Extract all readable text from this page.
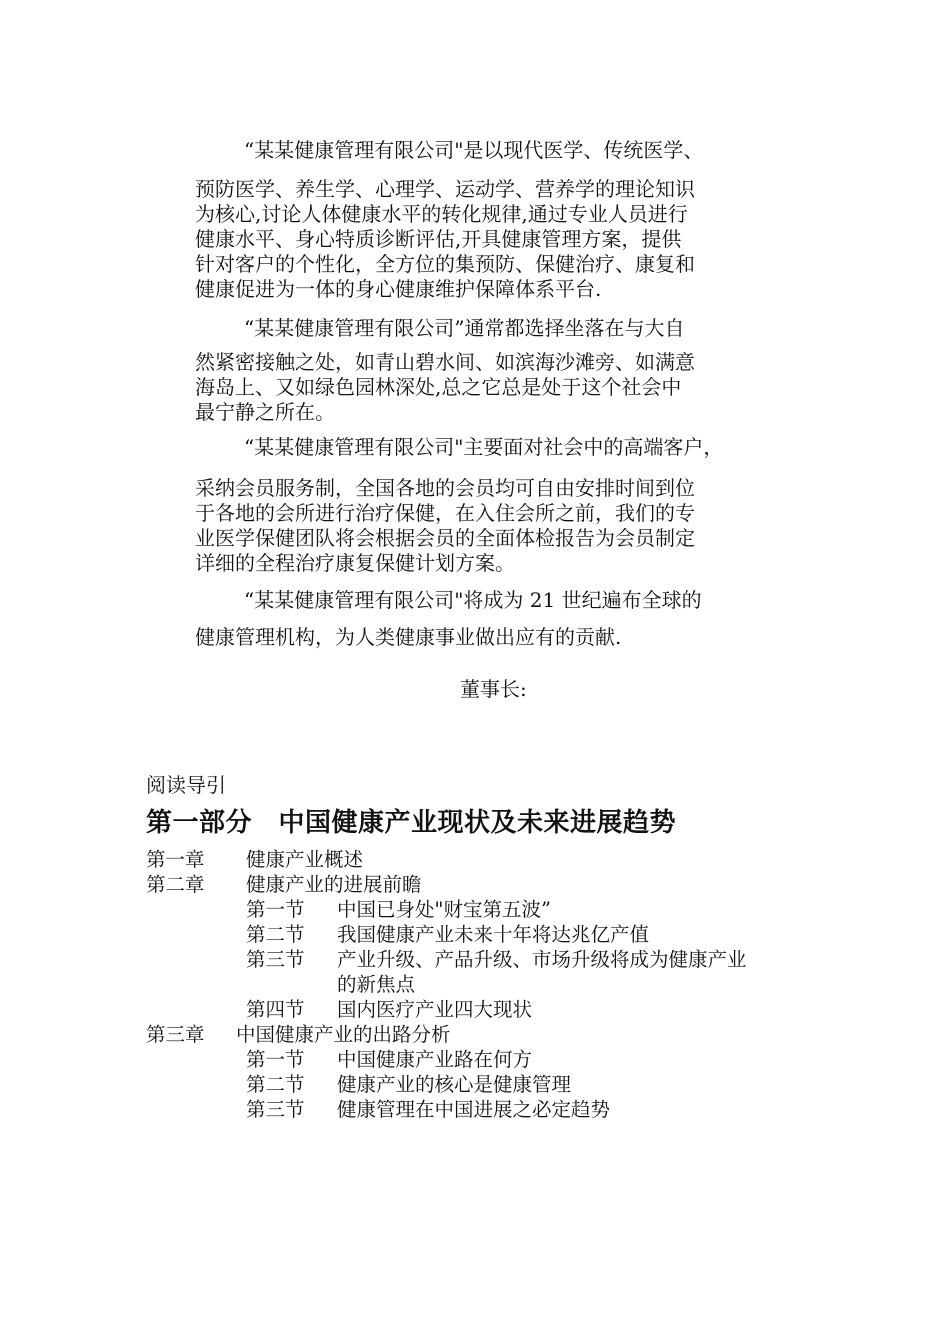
“某某健康管理有限公司"是以现代医学、传统医学、
预防医学、养生学、心理学、运动学、营养学的理论知识
为核心,讨论人体健康水平的转化规律,通过专业人员进行
健康水平、身心特质诊断评估,开具健康管理方案，提供
针对客户的个性化，全方位的集预防、保健治疗、康复和
健康促进为一体的身心健康维护保障体系平台.
“某某健康管理有限公司”通常都选择坐落在与大自
然紧密接触之处，如青山碧水间、如滨海沙滩旁、如满意
海岛上、又如绿色园林深处,总之它总是处于这个社会中
最宁静之所在。
“某某健康管理有限公司"主要面对社会中的高端客户，
采纳会员服务制，全国各地的会员均可自由安排时间到位
于各地的会所进行治疗保健，在入住会所之前，我们的专
业医学保健团队将会根据会员的全面体检报告为会员制定
详细的全程治疗康复保健计划方案。
“某某健康管理有限公司"将成为 21 世纪遍布全球的
健康管理机构，为人类健康事业做出应有的贡献.
董事长:
阅读导引
第一部分　中国健康产业现状及未来进展趋势
第一章 健康产业概述
第二章 健康产业的进展前瞻
第一节 中国已身处"财宝第五波”
第二节 我国健康产业未来十年将达兆亿产值
第三节 产业升级、产品升级、市场升级将成为健康产业
的新焦点
第四节 国内医疗产业四大现状
第三章 中国健康产业的出路分析
第一节 中国健康产业路在何方
第二节 健康产业的核心是健康管理
第三节 健康管理在中国进展之必定趋势
